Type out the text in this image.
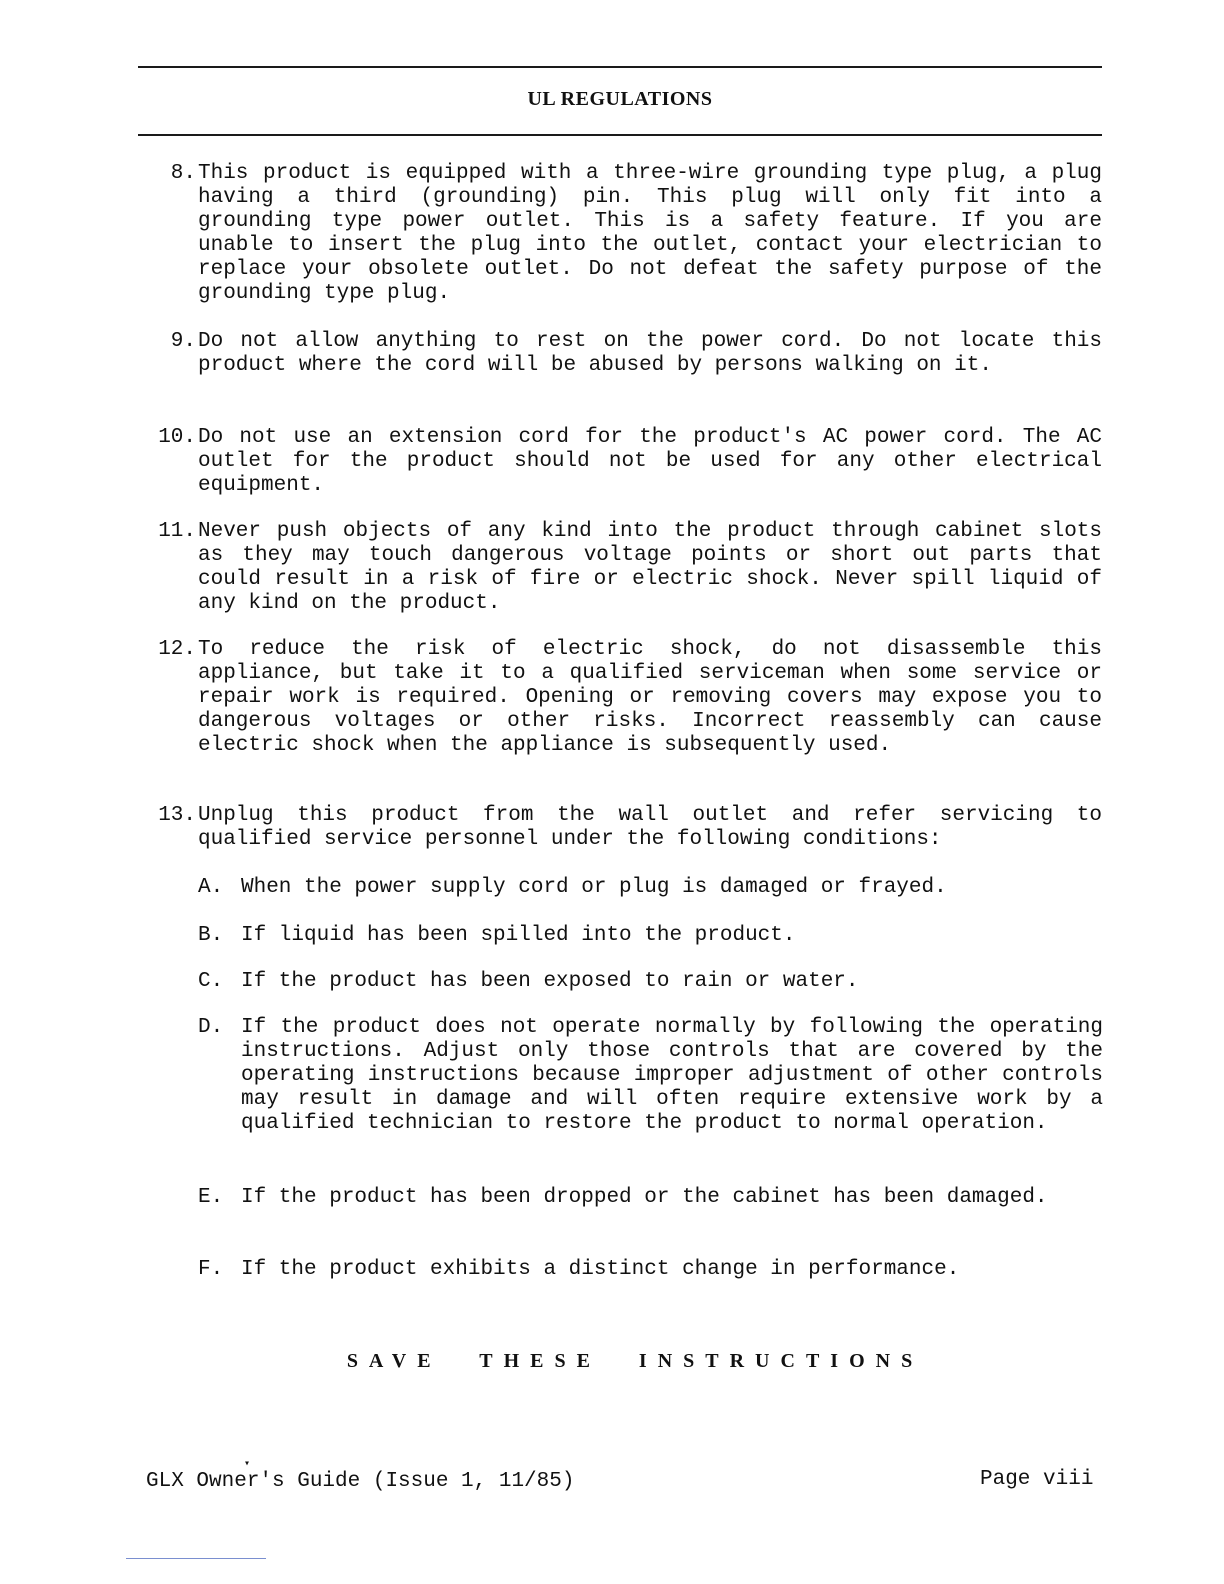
UL REGULATIONS
8. This product is equipped with a three-wire grounding type plug, a plug having a third (grounding) pin. This plug will only fit into a grounding type power outlet. This is a safety feature. If you are unable to insert the plug into the outlet, contact your electrician to replace your obsolete outlet. Do not defeat the safety purpose of the grounding type plug.
9. Do not allow anything to rest on the power cord. Do not locate this product where the cord will be abused by persons walking on it.
10. Do not use an extension cord for the product's AC power cord. The AC outlet for the product should not be used for any other electrical equipment.
11. Never push objects of any kind into the product through cabinet slots as they may touch dangerous voltage points or short out parts that could result in a risk of fire or electric shock. Never spill liquid of any kind on the product.
12. To reduce the risk of electric shock, do not disassemble this appliance, but take it to a qualified serviceman when some service or repair work is required. Opening or removing covers may expose you to dangerous voltages or other risks. Incorrect reassembly can cause electric shock when the appliance is subsequently used.
13. Unplug this product from the wall outlet and refer servicing to qualified service personnel under the following conditions:
A. When the power supply cord or plug is damaged or frayed.
B. If liquid has been spilled into the product.
C. If the product has been exposed to rain or water.
D. If the product does not operate normally by following the operating instructions. Adjust only those controls that are covered by the operating instructions because improper adjustment of other controls may result in damage and will often require extensive work by a qualified technician to restore the product to normal operation.
E. If the product has been dropped or the cabinet has been damaged.
F. If the product exhibits a distinct change in performance.
SAVE THESE INSTRUCTIONS
▾
GLX Owner's Guide (Issue 1, 11/85)	Page viii
